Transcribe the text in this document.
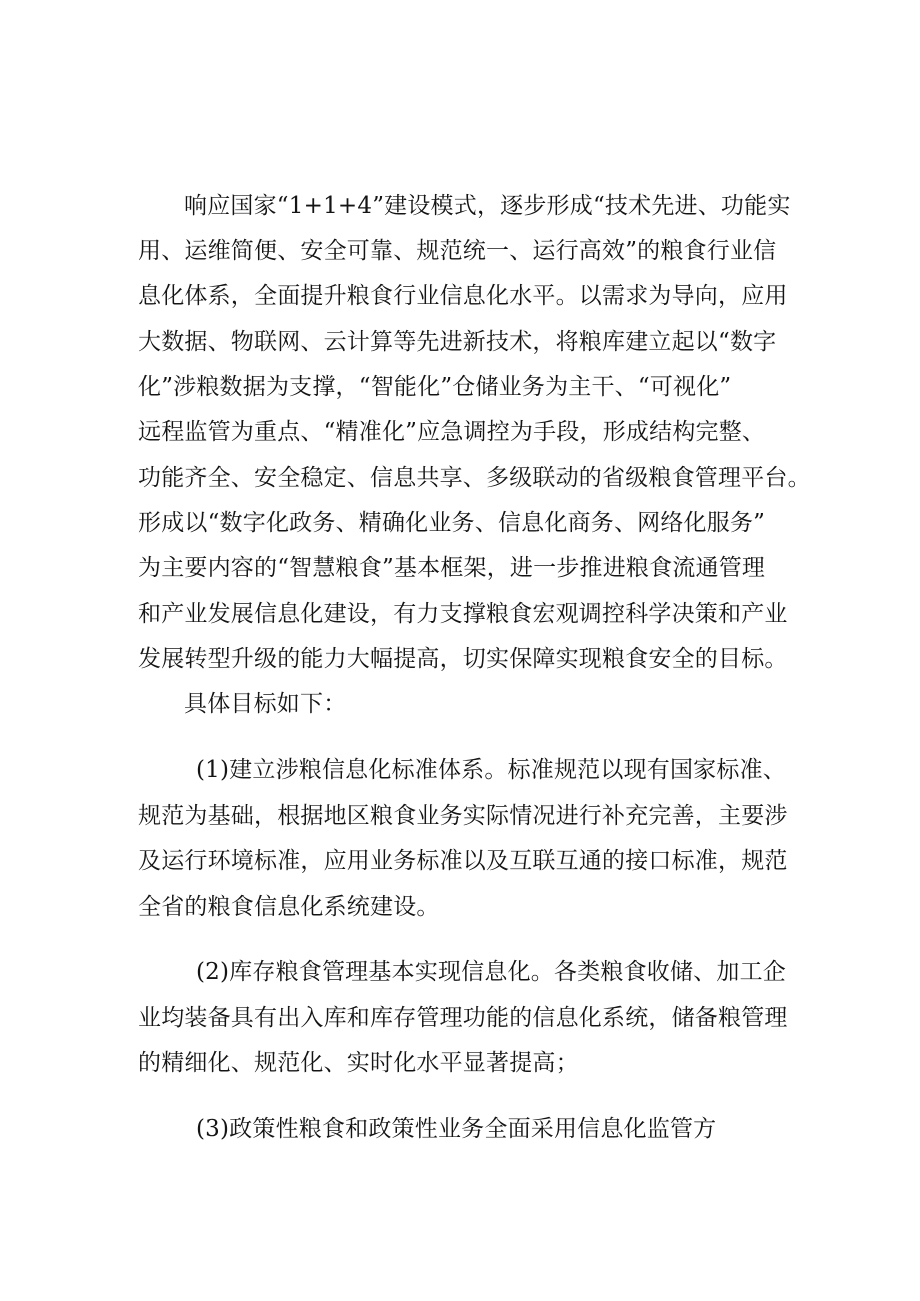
响应国家“1+1+4”建设模式，逐步形成“技术先进、功能实
用、运维简便、安全可靠、规范统一、运行高效”的粮食行业信
息化体系，全面提升粮食行业信息化水平。以需求为导向，应用
大数据、物联网、云计算等先进新技术，将粮库建立起以“数字
化”涉粮数据为支撑，“智能化”仓储业务为主干、“可视化”
远程监管为重点、“精准化”应急调控为手段，形成结构完整、
功能齐全、安全稳定、信息共享、多级联动的省级粮食管理平台。
形成以“数字化政务、精确化业务、信息化商务、网络化服务”
为主要内容的“智慧粮食”基本框架，进一步推进粮食流通管理
和产业发展信息化建设，有力支撑粮食宏观调控科学决策和产业
发展转型升级的能力大幅提高，切实保障实现粮食安全的目标。
具体目标如下：
(1)建立涉粮信息化标准体系。标准规范以现有国家标准、
规范为基础，根据地区粮食业务实际情况进行补充完善，主要涉
及运行环境标准，应用业务标准以及互联互通的接口标准，规范
全省的粮食信息化系统建设。
(2)库存粮食管理基本实现信息化。各类粮食收储、加工企
业均装备具有出入库和库存管理功能的信息化系统，储备粮管理
的精细化、规范化、实时化水平显著提高；
(3)政策性粮食和政策性业务全面采用信息化监管方
